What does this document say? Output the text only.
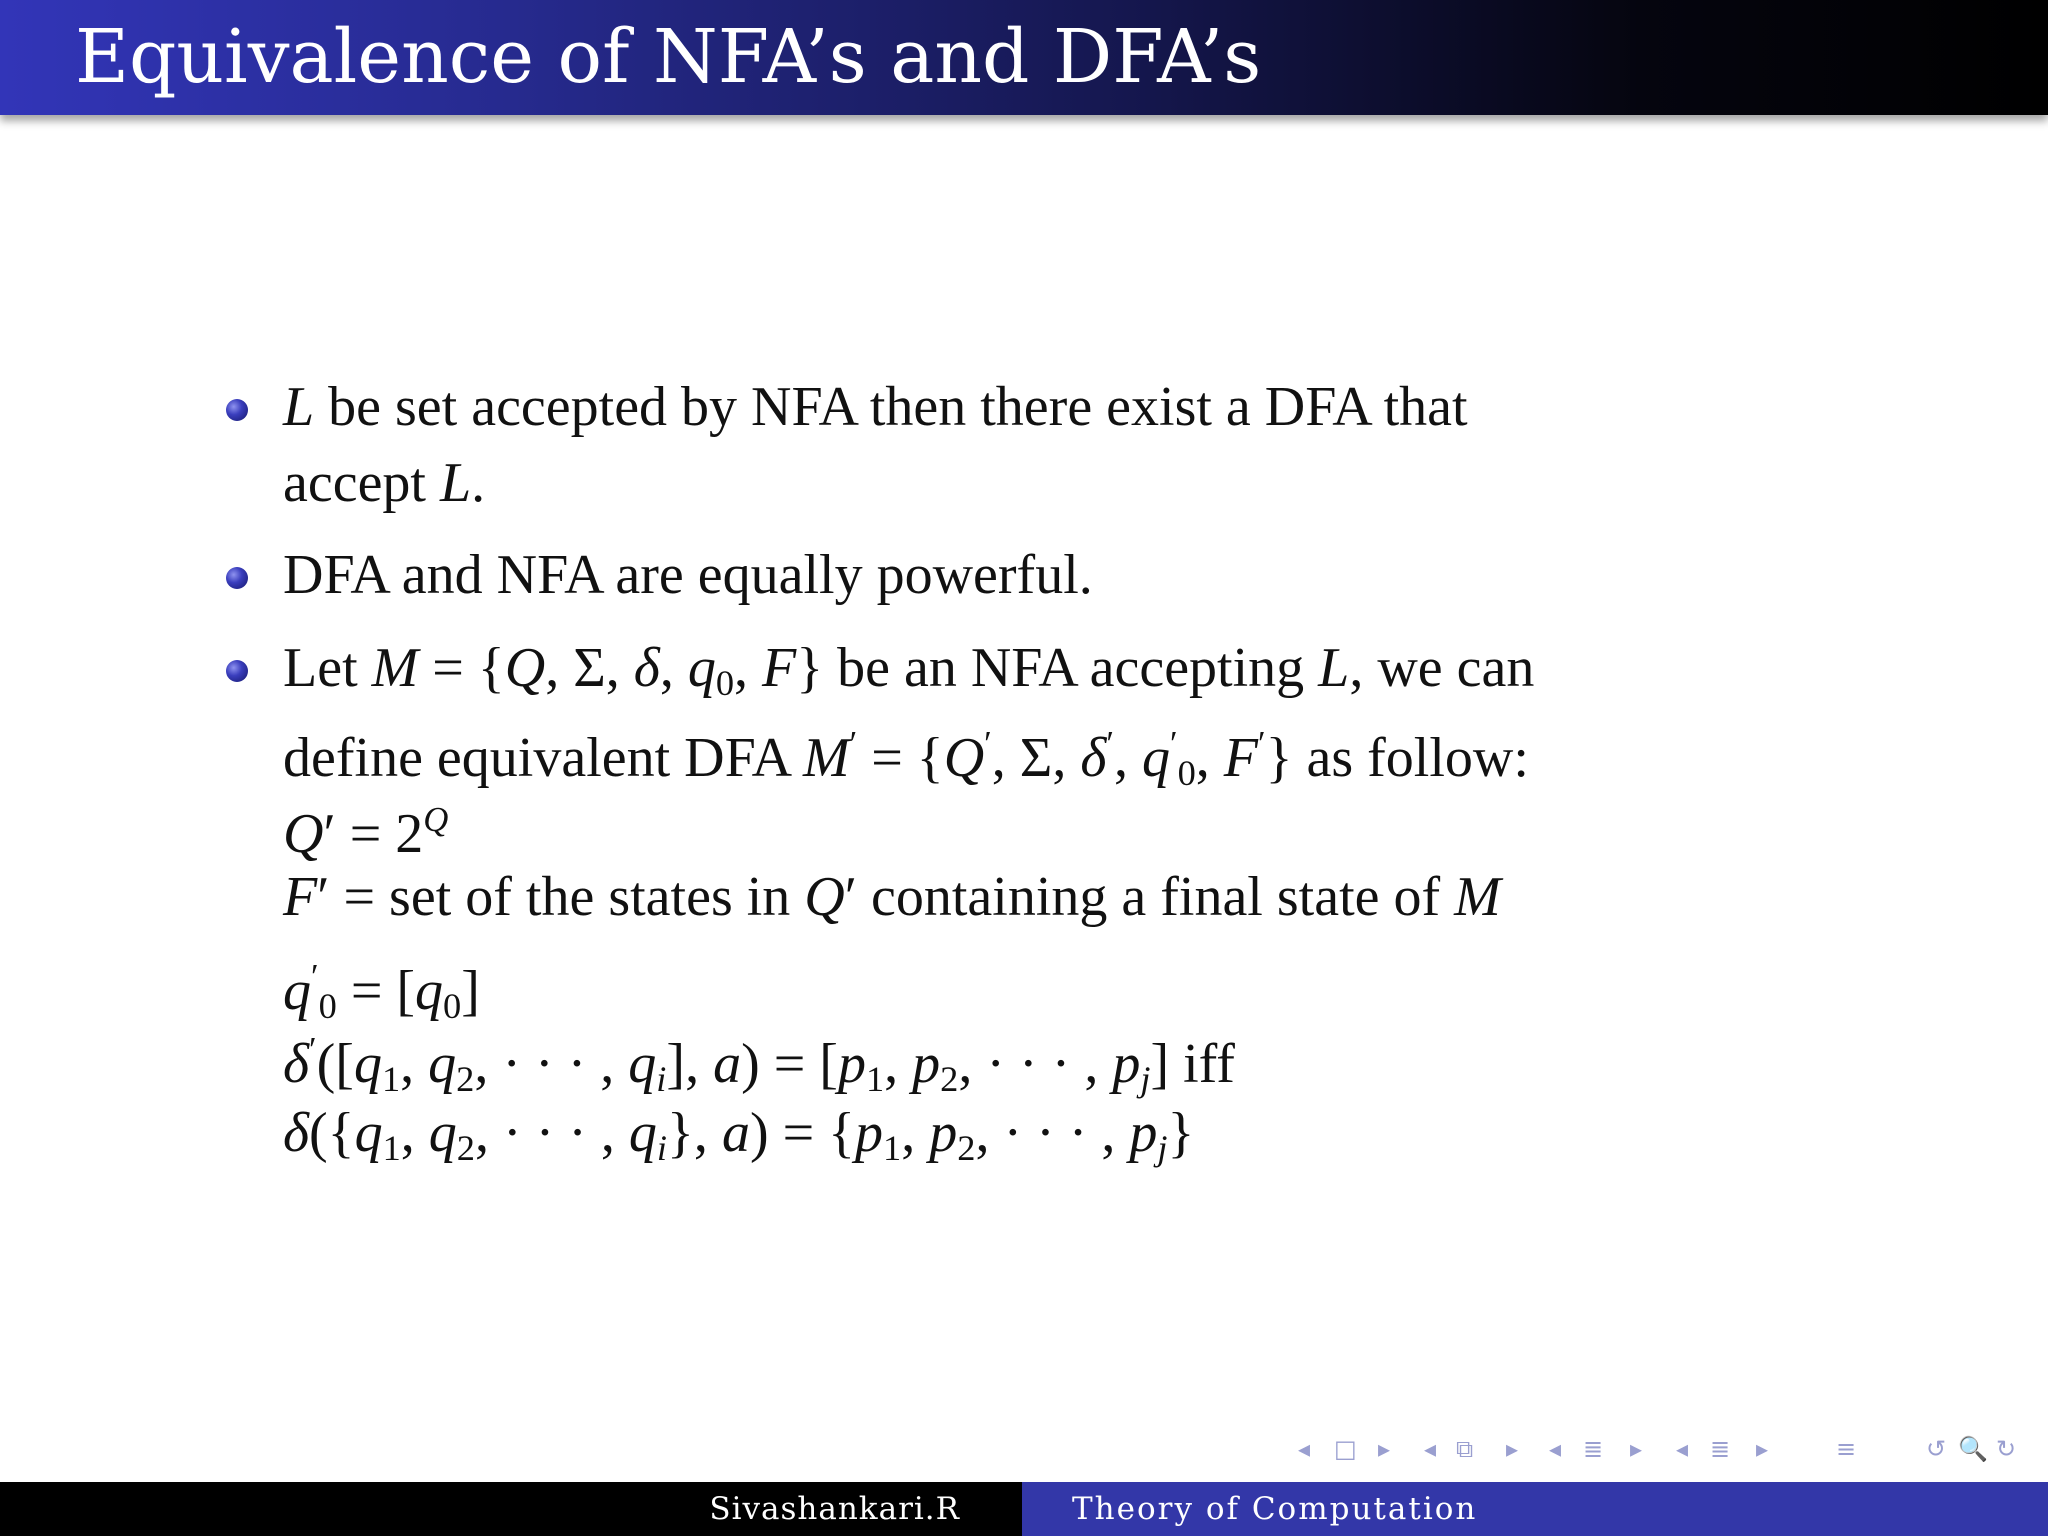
Equivalence of NFA’s and DFA’s
L be set accepted by NFA then there exist a DFA that
accept L.
DFA and NFA are equally powerful.
Let M = {Q, Σ, δ, $q_0$, F} be an NFA accepting L, we can
define equivalent DFA M′ = {Q′, Σ, δ′, $q'_0$, F′} as follow:
$Q' = 2^Q$
F′ = set of the states in Q′ containing a final state of M
$q'_0 = [q_0]$
$\delta'([q_1$, $q_2$, · · · , $q_i$], $a) = [p_1$, $p_2$, · · · , $p_j$] iff
$\delta(\{q_1$, $q_2$, · · · , $q_i$}, $a) = \{p_1$, $p_2$, · · · , $p_j$}
◂ □ ▸ ◂ ⧉ ▸ ◂ ≣ ▸ ◂ ≣ ▸	≡	↺ 🔍 ↻
Sivashankari.R	Theory of Computation
